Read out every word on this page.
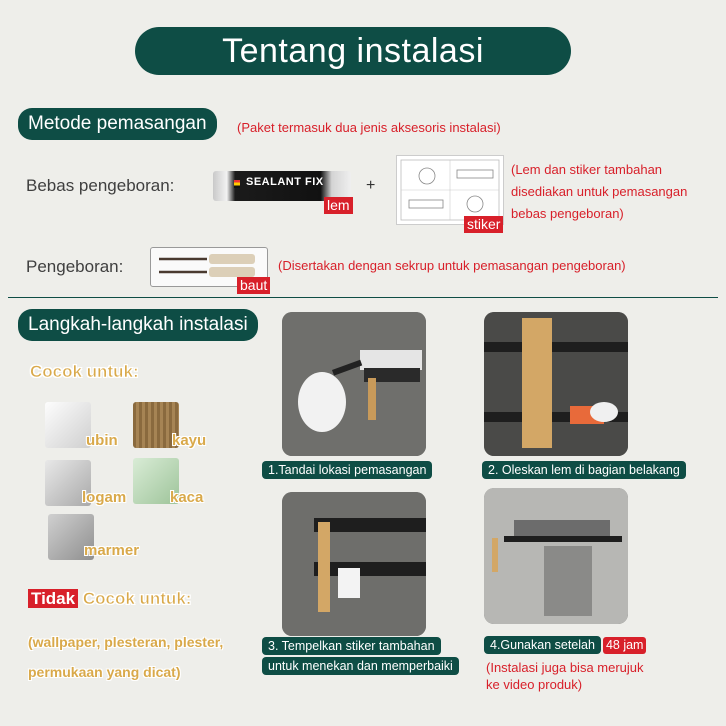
Tentang instalasi
Metode pemasangan	(Paket termasuk dua jenis aksesoris instalasi)
Bebas pengeboran:	SEALANT FIX
lem
+
stiker
(Lem dan stiker tambahan
disediakan untuk pemasangan
bebas pengeboran)
Pengeboran:
baut
(Disertakan dengan sekrup untuk pemasangan pengeboran)
Langkah-langkah instalasi
Cocok untuk:
ubin	kayu
logam	kaca
marmer
Tidak Cocok untuk:
(wallpaper, plesteran, plester,
permukaan yang dicat)
1.Tandai lokasi pemasangan	2. Oleskan lem di bagian belakang
3. Tempelkan stiker tambahan
untuk menekan dan memperbaiki
4.Gunakan setelah 48 jam
(Instalasi juga bisa merujuk
ke video produk)
